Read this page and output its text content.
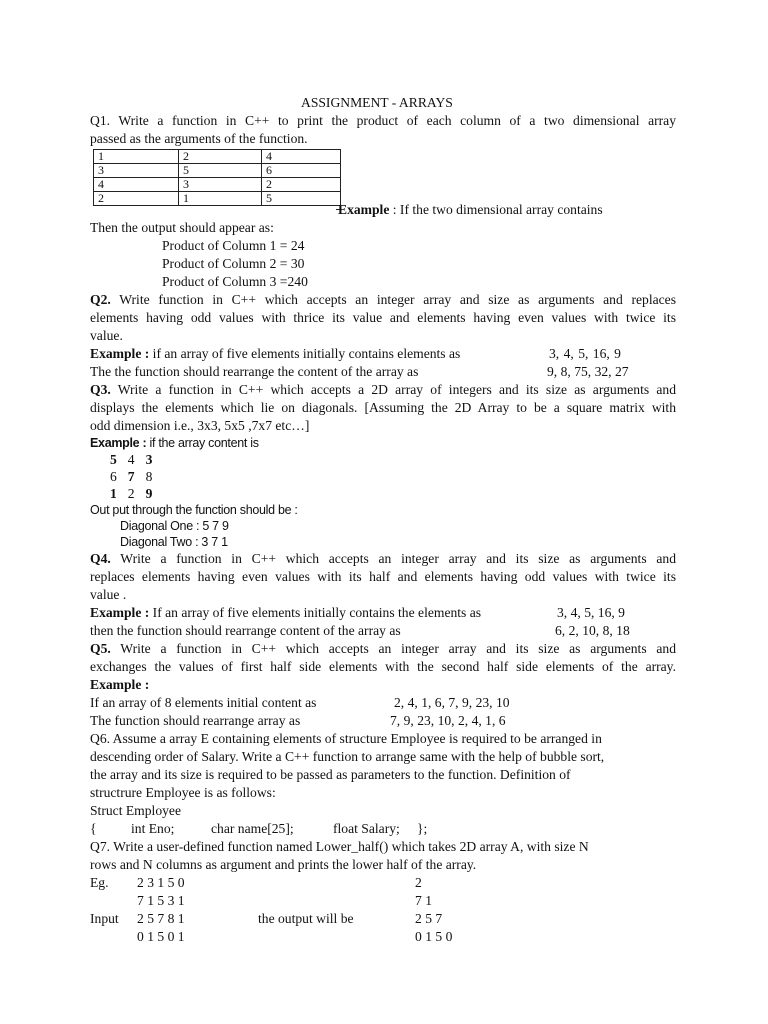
ASSIGNMENT - ARRAYS
Q1. Write a function in C++ to print the product of each column of a two dimensional array
passed as the arguments of the function.
1	2	4
3	5	6
4	3	2
2	1	5
Example : If the two dimensional array contains
Then the output should appear as:
Product of Column 1 = 24
Product of Column 2 = 30
Product of Column 3 =240
Q2. Write function in C++ which accepts an integer array and size as arguments and replaces
elements having odd values with thrice its value and elements having even values with twice its
value.
Example : if an array of five elements initially contains elements as	3, 4, 5, 16, 9
The the function should rearrange the content of the array as	9, 8, 75, 32, 27
Q3. Write a function in C++ which accepts a 2D array of integers and its size as arguments and
displays the elements which lie on diagonals. [Assuming the 2D Array to be a square matrix with
odd dimension i.e., 3x3, 5x5 ,7x7 etc…]
Example : if the array content is
5 4 3
6 7 8
1 2 9
Out put through the function should be :
Diagonal One : 5 7 9
Diagonal Two : 3 7 1
Q4. Write a function in C++ which accepts an integer array and its size as arguments and
replaces elements having even values with its half and elements having odd values with twice its
value .
Example : If an array of five elements initially contains the elements as	3, 4, 5, 16, 9
then the function should rearrange content of the array as	6, 2, 10, 8, 18
Q5. Write a function in C++ which accepts an integer array and its size as arguments and
exchanges the values of first half side elements with the second half side elements of the array.
Example :
If an array of 8 elements initial content as	2, 4, 1, 6, 7, 9, 23, 10
The function should rearrange array as	7, 9, 23, 10, 2, 4, 1, 6
Q6. Assume a array E containing elements of structure Employee is required to be arranged in
descending order of Salary. Write a C++ function to arrange same with the help of bubble sort,
the array and its size is required to be passed as parameters to the function. Definition of
structrure Employee is as follows:
Struct Employee
{	int Eno;	char name[25];	float Salary; };
Q7. Write a user-defined function named Lower_half() which takes 2D array A, with size N
rows and N columns as argument and prints the lower half of the array.
Eg.
Input	the output will be
2 3 1 5 0
7 1 5 3 1
2 5 7 8 1
0 1 5 0 1
2
7 1
2 5 7
0 1 5 0
